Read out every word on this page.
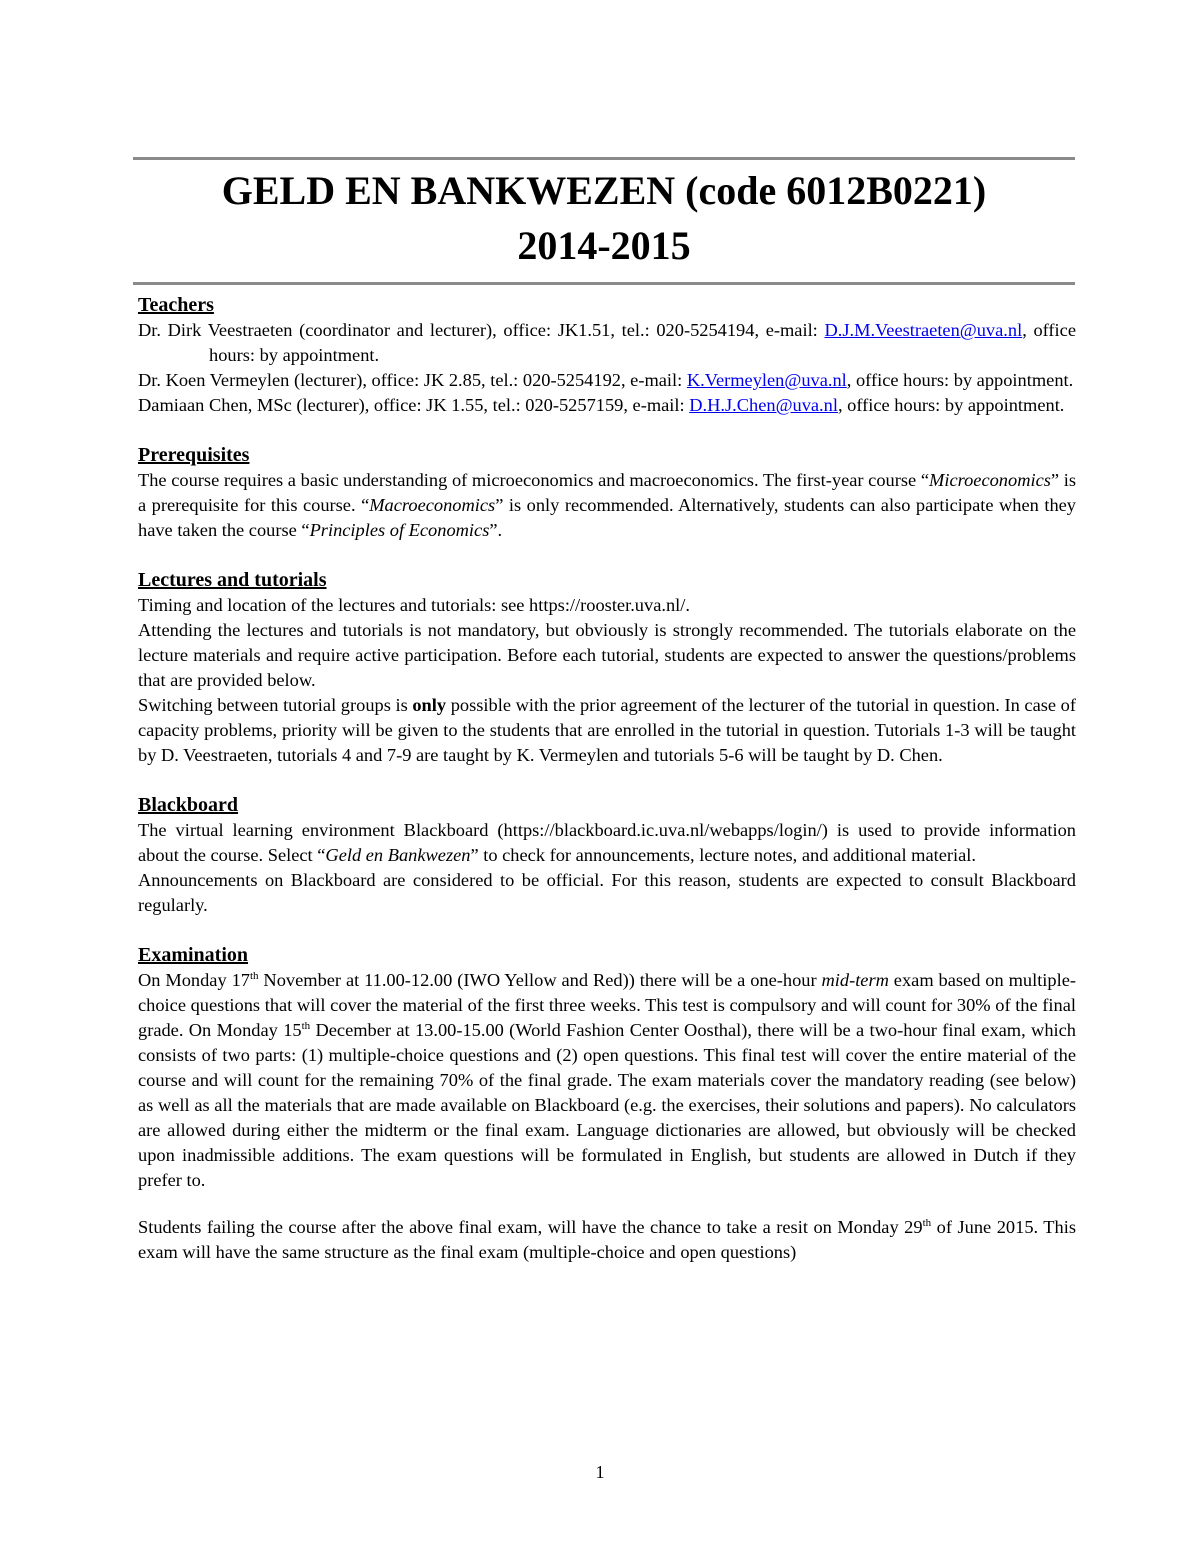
GELD EN BANKWEZEN (code 6012B0221)
2014-2015

Teachers

Dr. Dirk Veestraeten (coordinator and lecturer), office: JK1.51, tel.: 020-5254194, e-mail: D.J.M.Veestraeten@uva.nl, office hours: by appointment.

Dr. Koen Vermeylen (lecturer), office: JK 2.85, tel.: 020-5254192, e-mail: K.Vermeylen@uva.nl, office hours: by appointment.

Damiaan Chen, MSc (lecturer), office: JK 1.55, tel.: 020-5257159, e-mail: D.H.J.Chen@uva.nl, office hours: by appointment.

Prerequisites

The course requires a basic understanding of microeconomics and macroeconomics. The first-year course “Microeconomics” is a prerequisite for this course. “Macroeconomics” is only recommended. Alternatively, students can also participate when they have taken the course “Principles of Economics”.

Lectures and tutorials

Timing and location of the lectures and tutorials: see https://rooster.uva.nl/.

Attending the lectures and tutorials is not mandatory, but obviously is strongly recommended. The tutorials elaborate on the lecture materials and require active participation. Before each tutorial, students are expected to answer the questions/problems that are provided below.

Switching between tutorial groups is only possible with the prior agreement of the lecturer of the tutorial in question. In case of capacity problems, priority will be given to the students that are enrolled in the tutorial in question. Tutorials 1-3 will be taught by D. Veestraeten, tutorials 4 and 7-9 are taught by K. Vermeylen and tutorials 5-6 will be taught by D. Chen.

Blackboard

The virtual learning environment Blackboard (https://blackboard.ic.uva.nl/webapps/login/) is used to provide information about the course. Select “Geld en Bankwezen” to check for announcements, lecture notes, and additional material.

Announcements on Blackboard are considered to be official. For this reason, students are expected to consult Blackboard regularly.

Examination

On Monday 17th November at 11.00-12.00 (IWO Yellow and Red)) there will be a one-hour mid-term exam based on multiple-choice questions that will cover the material of the first three weeks. This test is compulsory and will count for 30% of the final grade. On Monday 15th December at 13.00-15.00 (World Fashion Center Oosthal), there will be a two-hour final exam, which consists of two parts: (1) multiple-choice questions and (2) open questions. This final test will cover the entire material of the course and will count for the remaining 70% of the final grade. The exam materials cover the mandatory reading (see below) as well as all the materials that are made available on Blackboard (e.g. the exercises, their solutions and papers). No calculators are allowed during either the midterm or the final exam. Language dictionaries are allowed, but obviously will be checked upon inadmissible additions. The exam questions will be formulated in English, but students are allowed in Dutch if they prefer to.

Students failing the course after the above final exam, will have the chance to take a resit on Monday 29th of June 2015. This exam will have the same structure as the final exam (multiple-choice and open questions)

1
